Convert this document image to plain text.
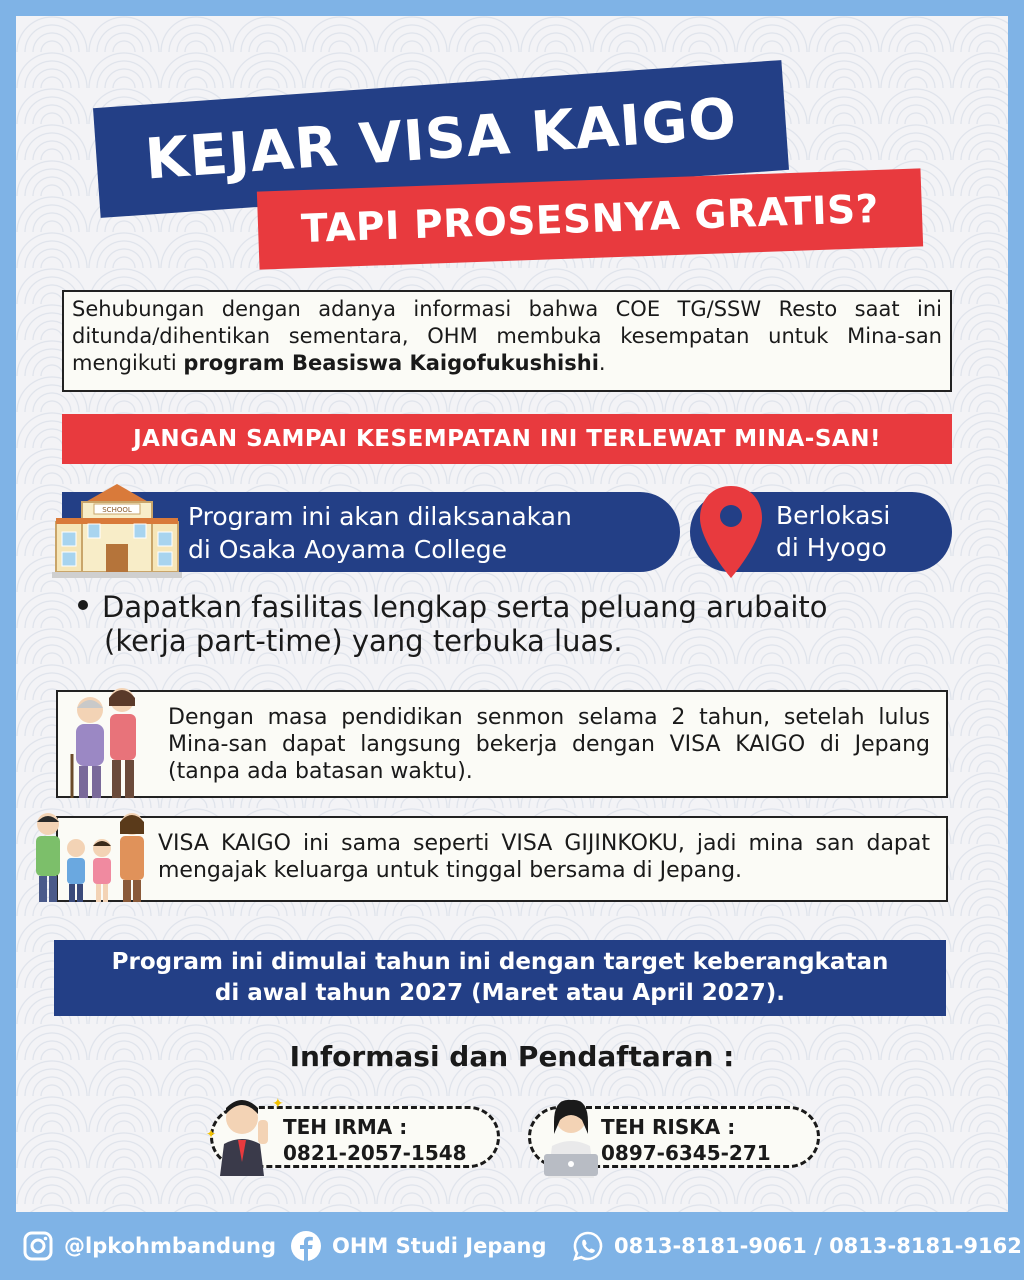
KEJAR VISA KAIGO
TAPI PROSESNYA GRATIS?
Sehubungan dengan adanya informasi bahwa COE TG/SSW Resto saat ini ditunda/dihentikan sementara, OHM membuka kesempatan untuk Mina-san mengikuti program Beasiswa Kaigofukushishi.
JANGAN SAMPAI KESEMPATAN INI TERLEWAT MINA-SAN!
Program ini akan dilaksanakan
di Osaka Aoyama College
SCHOOL	Berlokasi
di Hyogo
Dapatkan fasilitas lengkap serta peluang arubaito
(kerja part-time) yang terbuka luas.
Dengan masa pendidikan senmon selama 2 tahun, setelah lulus Mina-san dapat langsung bekerja dengan VISA KAIGO di Jepang (tanpa ada batasan waktu).
VISA KAIGO ini sama seperti VISA GIJINKOKU, jadi mina san dapat mengajak keluarga untuk tinggal bersama di Jepang.
Program ini dimulai tahun ini dengan target keberangkatan
di awal tahun 2027 (Maret atau April 2027).
Informasi dan Pendaftaran :
TEH IRMA :
0821-2057-1548
✦
✦	TEH RISKA :
0897-6345-271
@lpkohmbandung	OHM Studi Jepang	0813-8181-9061 / 0813-8181-9162
